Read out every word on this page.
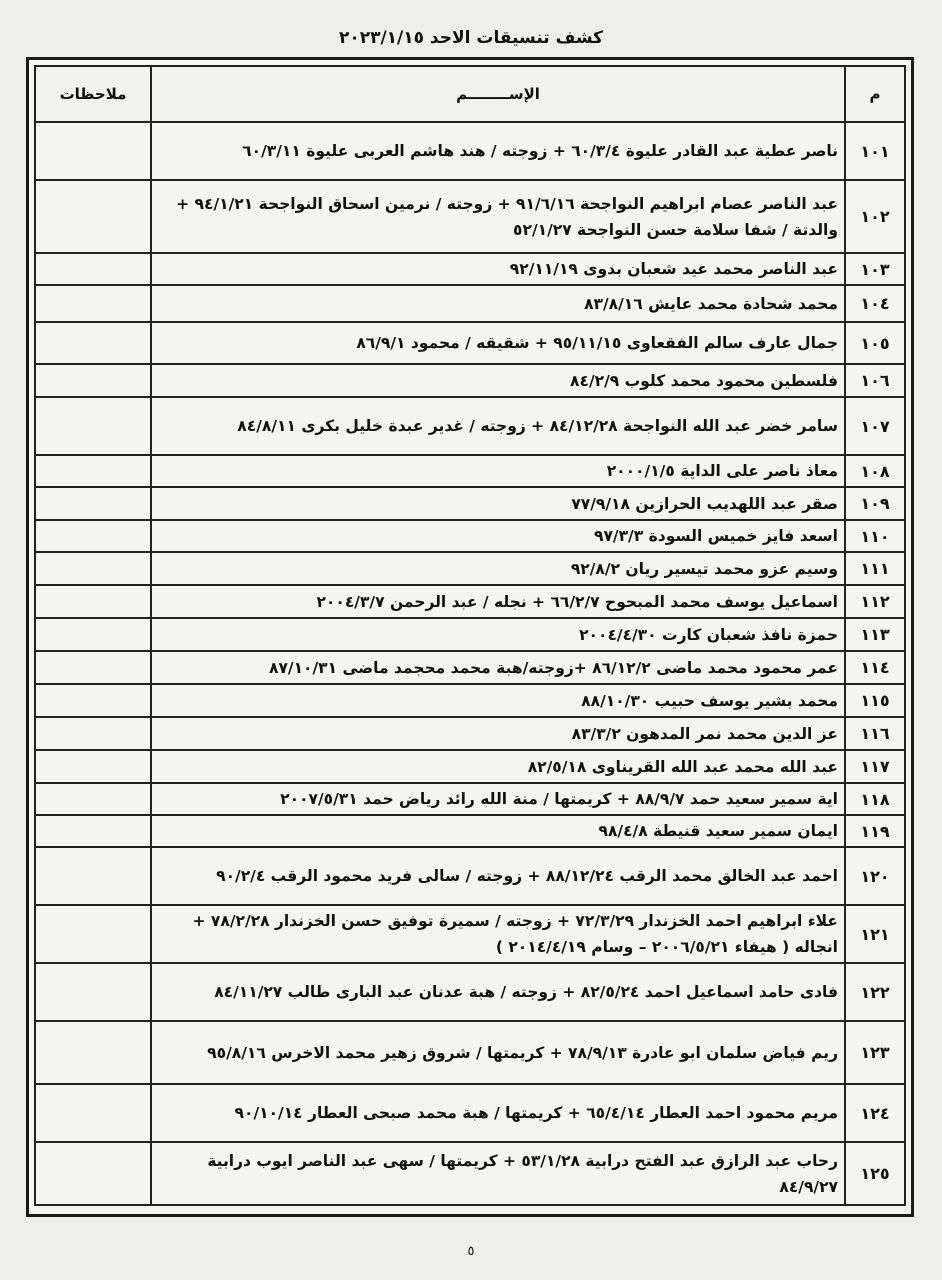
كشف تنسيقات الاحد ٢٠٢٣/١/١٥
م	الإســــــــم	ملاحظات
١٠١	ناصر عطية عبد القادر عليوة ٦٠/٣/٤ + زوجته / هند هاشم العربى عليوة ٦٠/٣/١١	
١٠٢	عبد الناصر عصام ابراهيم النواجحة ٩١/٦/١٦ + زوجته / نرمين اسحاق النواجحة ٩٤/١/٢١ + والدتة / شفا سلامة حسن النواجحة ٥٢/١/٢٧	
١٠٣	عبد الناصر محمد عيد شعبان بدوى ٩٢/١١/١٩	
١٠٤	محمد شحادة محمد عايش ٨٣/٨/١٦	
١٠٥	جمال عارف سالم الفقعاوى ٩٥/١١/١٥ + شقيقه / محمود ٨٦/٩/١	
١٠٦	فلسطين محمود محمد كلوب ٨٤/٢/٩	
١٠٧	سامر خضر عبد الله النواجحة ٨٤/١٢/٢٨ + زوجته / غدير عبدة خليل بكرى ٨٤/٨/١١	
١٠٨	معاذ ناصر على الداية ٢٠٠٠/١/٥	
١٠٩	صقر عبد اللهديب الحرازين ٧٧/٩/١٨	
١١٠	اسعد فايز خميس السودة ٩٧/٣/٣	
١١١	وسيم عزو محمد تيسير ريان ٩٢/٨/٢	
١١٢	اسماعيل يوسف محمد المبحوح ٦٦/٢/٧ + نجله / عبد الرحمن ٢٠٠٤/٣/٧	
١١٣	حمزة نافذ شعبان كارت ٢٠٠٤/٤/٣٠	
١١٤	عمر محمود محمد ماضى ٨٦/١٢/٢ +زوجته/هبة محمد محجمد ماضى ٨٧/١٠/٣١	
١١٥	محمد بشير يوسف حبيب ٨٨/١٠/٣٠	
١١٦	عز الدين محمد نمر المدهون ٨٣/٣/٢	
١١٧	عبد الله محمد عبد الله القريناوى ٨٢/٥/١٨	
١١٨	اية سمير سعيد حمد ٨٨/٩/٧ + كريمتها / منة الله رائد رياض حمد ٢٠٠٧/٥/٣١	
١١٩	ايمان سمير سعيد قنيطة ٩٨/٤/٨	
١٢٠	احمد عبد الخالق محمد الرقب ٨٨/١٢/٢٤ + زوجته / سالى فريد محمود الرقب ٩٠/٢/٤	
١٢١	علاء ابراهيم احمد الخزندار ٧٢/٣/٢٩ + زوجته / سميرة توفيق حسن الخزندار ٧٨/٢/٢٨ + انجاله ( هيفاء ٢٠٠٦/٥/٢١ – وسام ٢٠١٤/٤/١٩ )	
١٢٢	فادى حامد اسماعيل احمد ٨٢/٥/٢٤ + زوجته / هبة عدنان عبد البارى طالب ٨٤/١١/٢٧	
١٢٣	ريم فياض سلمان ابو عادرة ٧٨/٩/١٣ + كريمتها / شروق زهير محمد الاخرس ٩٥/٨/١٦	
١٢٤	مريم محمود احمد العطار ٦٥/٤/١٤ + كريمتها / هبة محمد صبحى العطار ٩٠/١٠/١٤	
١٢٥	رحاب عبد الرازق عبد الفتح درابية ٥٣/١/٢٨ + كريمتها / سهى عبد الناصر ايوب درابية ٨٤/٩/٢٧	
٥
